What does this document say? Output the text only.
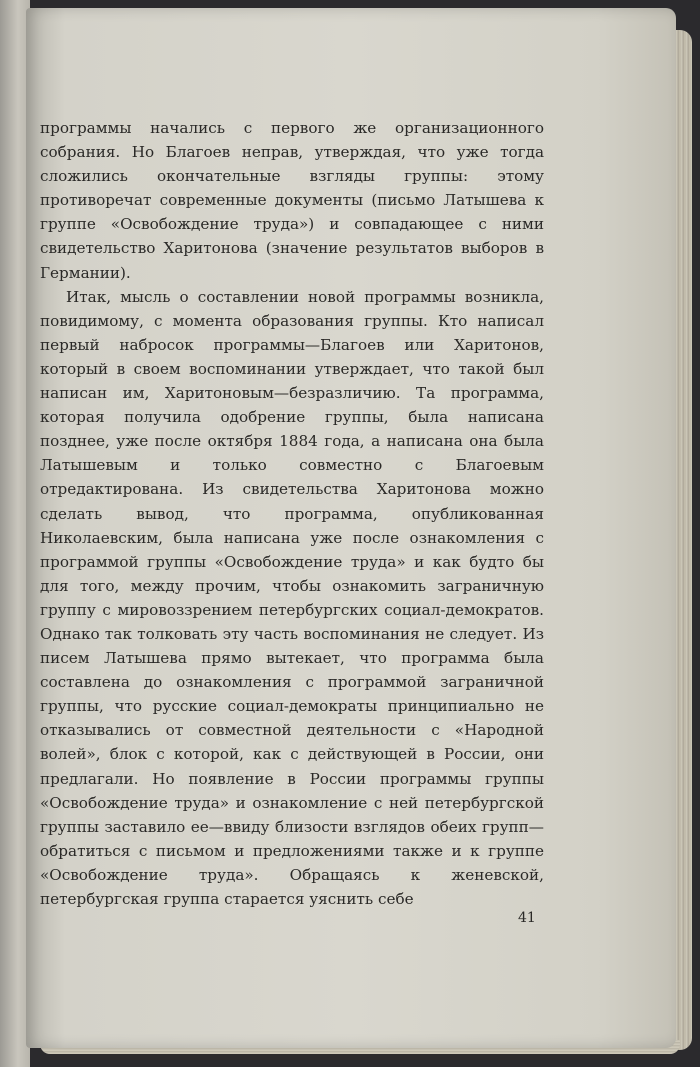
программы начались с первого же организационного собрания. Но Благоев неправ, утверждая, что уже тогда сложились окончательные взгляды группы: этому противоречат современные документы (письмо Латышева к группе «Освобождение труда») и совпадающее с ними свидетельство Харитонова (значение результатов выборов в Германии).

Итак, мысль о составлении новой программы возникла, повидимому, с момента образования группы. Кто написал первый набросок программы—Благоев или Харитонов, который в своем воспоминании утверждает, что такой был написан им, Харитоновым—безразличию. Та программа, которая получила одобрение группы, была написана позднее, уже после октября 1884 года, а написана она была Латышевым и только совместно с Благоевым отредактирована. Из свидетельства Харитонова можно сделать вывод, что программа, опубликованная Николаевским, была написана уже после ознакомления с программой группы «Освобождение труда» и как будто бы для того, между прочим, чтобы ознакомить заграничную группу с мировоззрением петербургских социал-демократов. Однако так толковать эту часть воспоминания не следует. Из писем Латышева прямо вытекает, что программа была составлена до ознакомления с программой заграничной группы, что русские социал-демократы принципиально не отказывались от совместной деятельности с «Народной волей», блок с которой, как с действующей в России, они предлагали. Но появление в России программы группы «Освобождение труда» и ознакомление с ней петербургской группы заставило ее—ввиду близости взглядов обеих групп—обратиться с письмом и предложениями также и к группе «Освобождение труда». Обращаясь к женевской, петербургская группа старается уяснить себе

41
